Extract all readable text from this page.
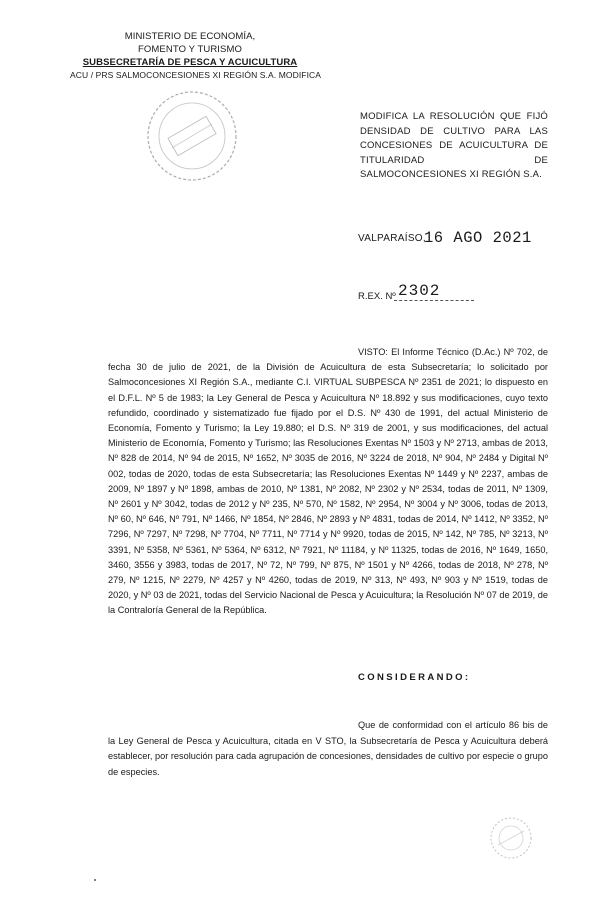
MINISTERIO DE ECONOMÍA,
FOMENTO Y TURISMO
SUBSECRETARÍA DE PESCA Y ACUICULTURA
ACU / PRS SALMOCONCESIONES XI REGIÓN S.A. MODIFICA
MODIFICA LA RESOLUCIÓN QUE FIJÓ DENSIDAD DE CULTIVO PARA LAS CONCESIONES DE ACUICULTURA DE TITULARIDAD DE SALMOCONCESIONES XI REGIÓN S.A.
VALPARAÍSO,
16 AGO 2021
R.EX. Nº 2302

VISTO: El Informe Técnico (D.Ac.) Nº 702, de fecha 30 de julio de 2021, de la División de Acuicultura de esta Subsecretaría; lo solicitado por Salmoconcesiones XI Región S.A., mediante C.I. VIRTUAL SUBPESCA Nº 2351 de 2021; lo dispuesto en el D.F.L. Nº 5 de 1983; la Ley General de Pesca y Acuicultura Nº 18.892 y sus modificaciones, cuyo texto refundido, coordinado y sistematizado fue fijado por el D.S. Nº 430 de 1991, del actual Ministerio de Economía, Fomento y Turismo; la Ley 19.880; el D.S. Nº 319 de 2001, y sus modificaciones, del actual Ministerio de Economía, Fomento y Turismo; las Resoluciones Exentas Nº 1503 y Nº 2713, ambas de 2013, Nº 828 de 2014, Nº 94 de 2015, Nº 1652, Nº 3035 de 2016, Nº 3224 de 2018, Nº 904, Nº 2484 y Digital Nº 002, todas de 2020, todas de esta Subsecretaría; las Resoluciones Exentas Nº 1449 y Nº 2237, ambas de 2009, Nº 1897 y Nº 1898, ambas de 2010, Nº 1381, Nº 2082, Nº 2302 y Nº 2534, todas de 2011, Nº 1309, Nº 2601 y Nº 3042, todas de 2012 y Nº 235, Nº 570, Nº 1582, Nº 2954, Nº 3004 y Nº 3006, todas de 2013, Nº 60, Nº 646, Nº 791, Nº 1466, Nº 1854, Nº 2846, Nº 2893 y Nº 4831, todas de 2014, Nº 1412, Nº 3352, Nº 7296, Nº 7297, Nº 7298, Nº 7704, Nº 7711, Nº 7714 y Nº 9920, todas de 2015, Nº 142, Nº 785, Nº 3213, Nº 3391, Nº 5358, Nº 5361, Nº 5364, Nº 6312, Nº 7921, Nº 11184, y Nº 11325, todas de 2016, Nº 1649, 1650, 3460, 3556 y 3983, todas de 2017, Nº 72, Nº 799, Nº 875, Nº 1501 y Nº 4266, todas de 2018, Nº 278, Nº 279, Nº 1215, Nº 2279, Nº 4257 y Nº 4260, todas de 2019, Nº 313, Nº 493, Nº 903 y Nº 1519, todas de 2020, y Nº 03 de 2021, todas del Servicio Nacional de Pesca y Acuicultura; la Resolución Nº 07 de 2019, de la Contraloría General de la República.

CONSIDERANDO:

Que de conformidad con el artículo 86 bis de la Ley General de Pesca y Acuicultura, citada en V STO, la Subsecretaría de Pesca y Acuicultura deberá establecer, por resolución para cada agrupación de concesiones, densidades de cultivo por especie o grupo de especies.
